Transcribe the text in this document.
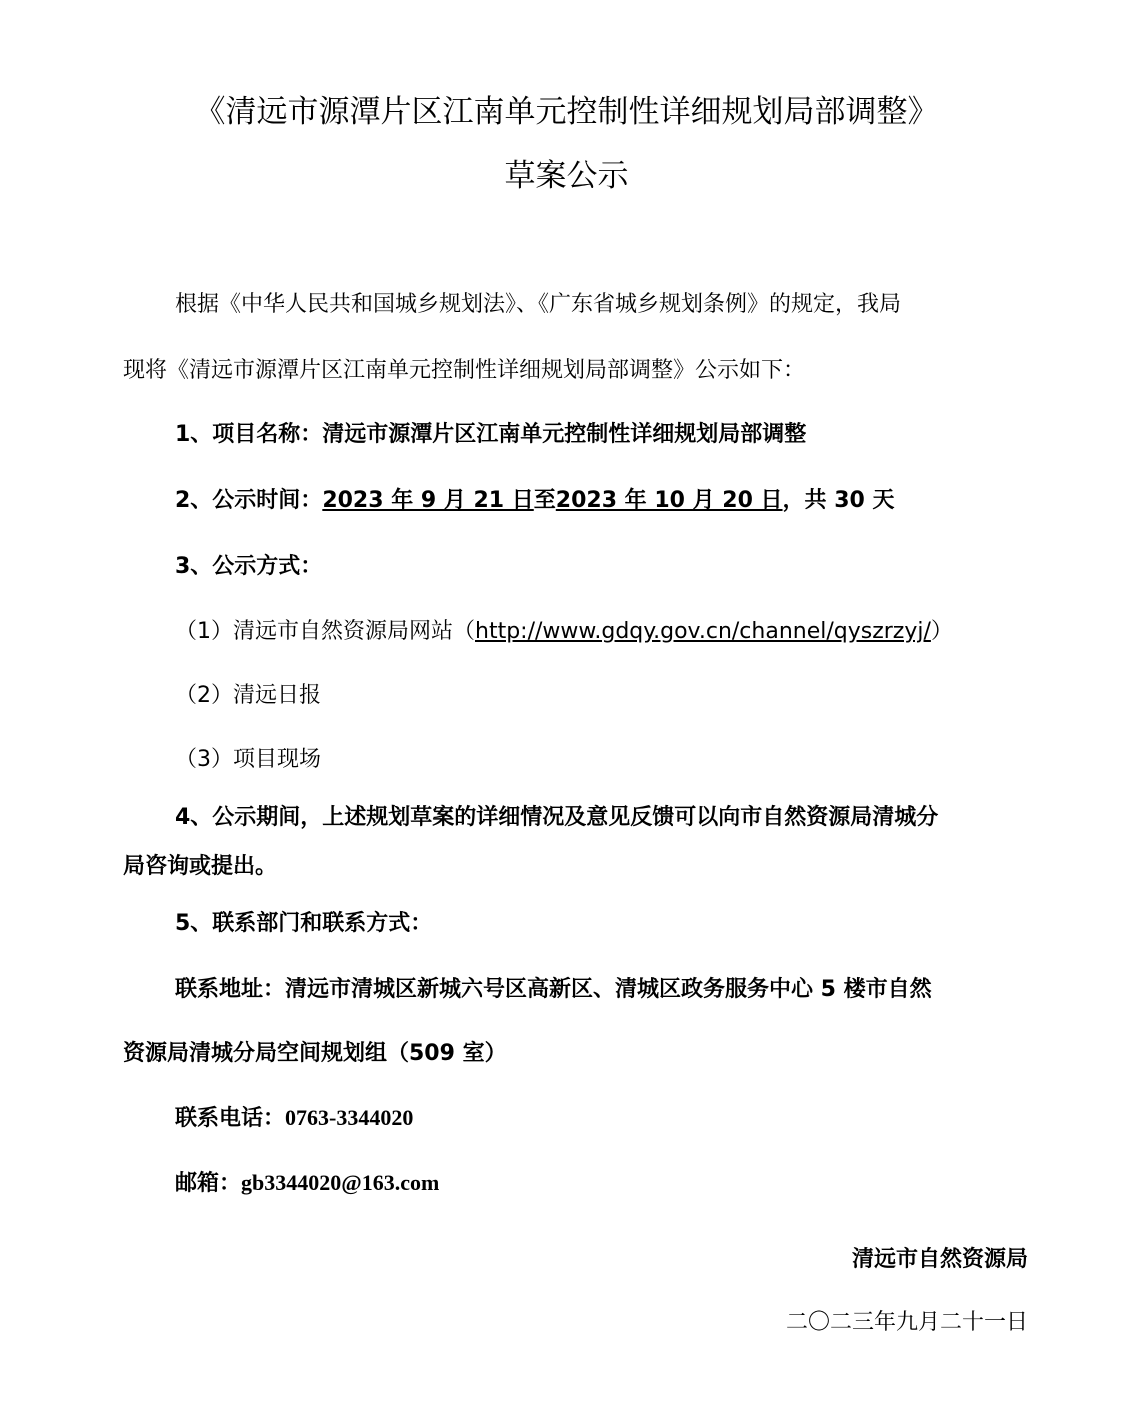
《清远市源潭片区江南单元控制性详细规划局部调整》
草案公示
根据《中华人民共和国城乡规划法》、《广东省城乡规划条例》的规定，我局
现将《清远市源潭片区江南单元控制性详细规划局部调整》公示如下：
1、项目名称：清远市源潭片区江南单元控制性详细规划局部调整
2、公示时间：2023 年 9 月 21 日至2023 年 10 月 20 日，共 30 天
3、公示方式：
（1）清远市自然资源局网站（http://www.gdqy.gov.cn/channel/qyszrzyj/）
（2）清远日报
（3）项目现场
4、公示期间，上述规划草案的详细情况及意见反馈可以向市自然资源局清城分
局咨询或提出。
5、联系部门和联系方式：
联系地址：清远市清城区新城六号区高新区、清城区政务服务中心 5 楼市自然
资源局清城分局空间规划组（509 室）
联系电话：0763-3344020
邮箱：gb3344020@163.com
清远市自然资源局
二〇二三年九月二十一日
